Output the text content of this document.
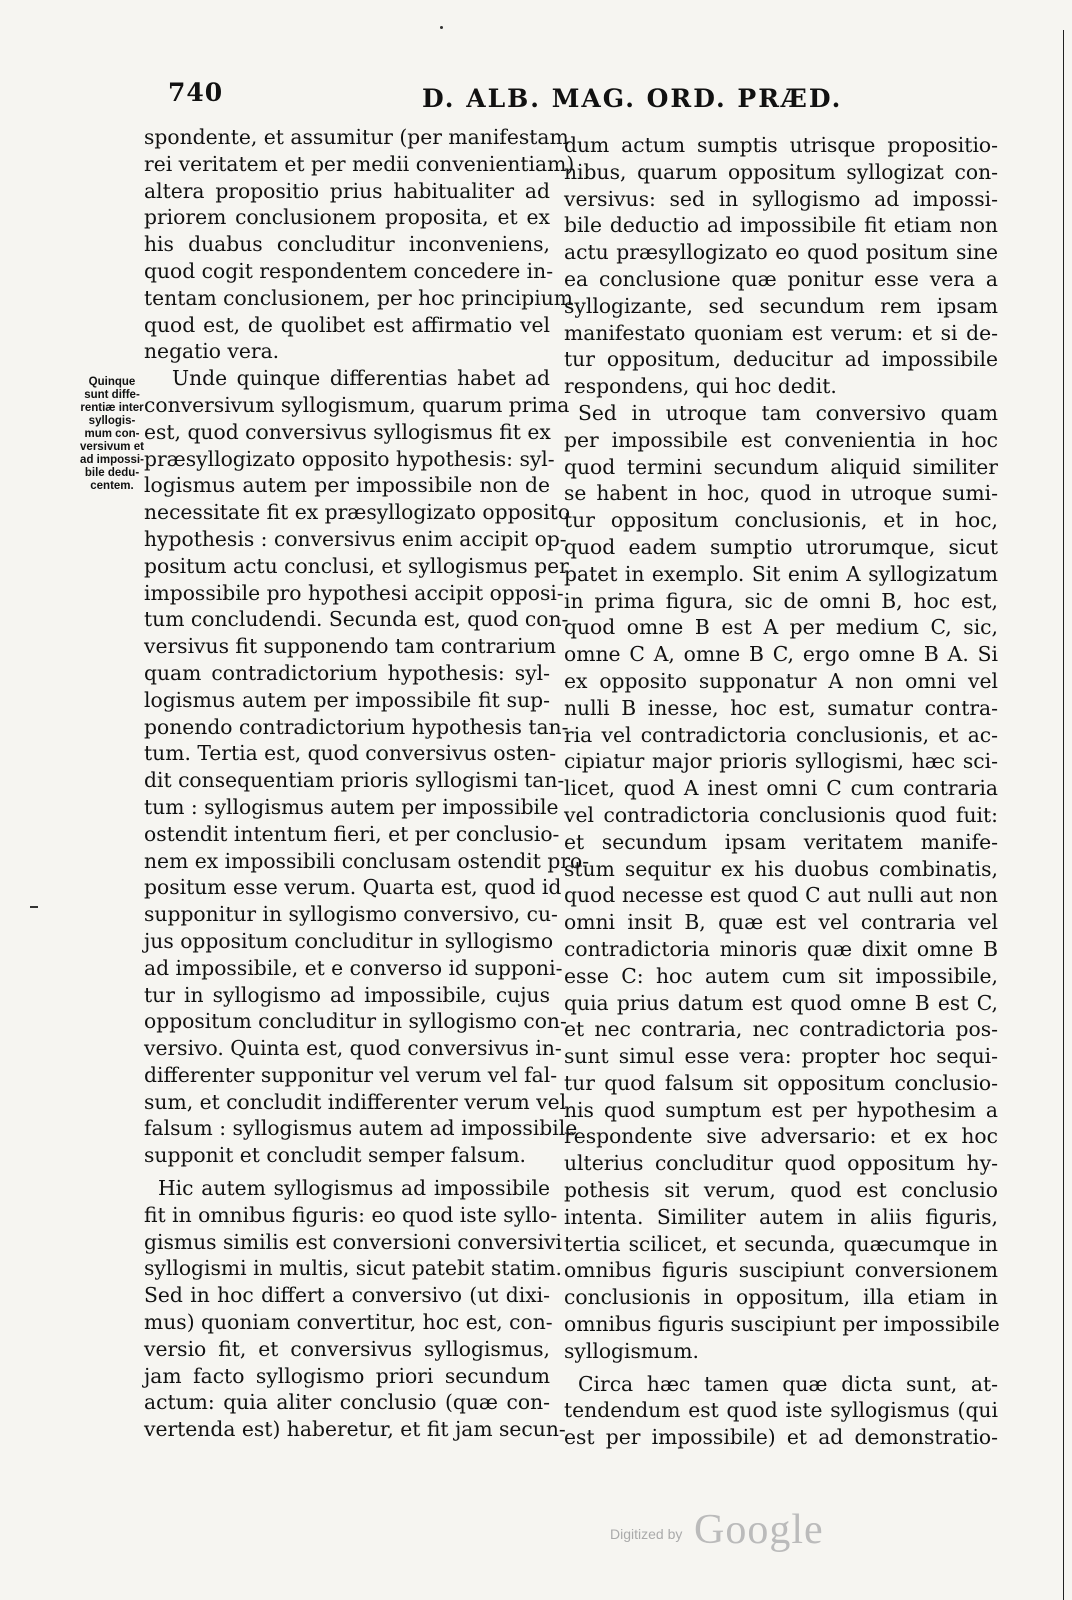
740	D. ALB. MAG. ORD. PRÆD.
Quinque
sunt diffe-
rentiæ inter
syllogis-
mum con-
versivum et
ad impossi-
bile dedu-
centem.
spondente, et assumitur (per manifestam
rei veritatem et per medii convenientiam)
altera propositio prius habitualiter ad
priorem conclusionem proposita, et ex
his duabus concluditur inconveniens,
quod cogit respondentem concedere in-
tentam conclusionem, per hoc principium
quod est, de quolibet est affirmatio vel
negatio vera.
Unde quinque differentias habet ad
conversivum syllogismum, quarum prima
est, quod conversivus syllogismus fit ex
præsyllogizato opposito hypothesis: syl-
logismus autem per impossibile non de
necessitate fit ex præsyllogizato opposito
hypothesis : conversivus enim accipit op-
positum actu conclusi, et syllogismus per
impossibile pro hypothesi accipit opposi-
tum concludendi. Secunda est, quod con-
versivus fit supponendo tam contrarium
quam contradictorium hypothesis: syl-
logismus autem per impossibile fit sup-
ponendo contradictorium hypothesis tan-
tum. Tertia est, quod conversivus osten-
dit consequentiam prioris syllogismi tan-
tum : syllogismus autem per impossibile
ostendit intentum fieri, et per conclusio-
nem ex impossibili conclusam ostendit pro-
positum esse verum. Quarta est, quod id
supponitur in syllogismo conversivo, cu-
jus oppositum concluditur in syllogismo
ad impossibile, et e converso id supponi-
tur in syllogismo ad impossibile, cujus
oppositum concluditur in syllogismo con-
versivo. Quinta est, quod conversivus in-
differenter supponitur vel verum vel fal-
sum, et concludit indifferenter verum vel
falsum : syllogismus autem ad impossibile
supponit et concludit semper falsum.
Hic autem syllogismus ad impossibile
fit in omnibus figuris: eo quod iste syllo-
gismus similis est conversioni conversivi
syllogismi in multis, sicut patebit statim.
Sed in hoc differt a conversivo (ut dixi-
mus) quoniam convertitur, hoc est, con-
versio fit, et conversivus syllogismus,
jam facto syllogismo priori secundum
actum: quia aliter conclusio (quæ con-
vertenda est) haberetur, et fit jam secun-
dum actum sumptis utrisque propositio-
nibus, quarum oppositum syllogizat con-
versivus: sed in syllogismo ad impossi-
bile deductio ad impossibile fit etiam non
actu præsyllogizato eo quod positum sine
ea conclusione quæ ponitur esse vera a
syllogizante, sed secundum rem ipsam
manifestato quoniam est verum: et si de-
tur oppositum, deducitur ad impossibile
respondens, qui hoc dedit.
Sed in utroque tam conversivo quam
per impossibile est convenientia in hoc
quod termini secundum aliquid similiter
se habent in hoc, quod in utroque sumi-
tur oppositum conclusionis, et in hoc,
quod eadem sumptio utrorumque, sicut
patet in exemplo. Sit enim A syllogizatum
in prima figura, sic de omni B, hoc est,
quod omne B est A per medium C, sic,
omne C A, omne B C, ergo omne B A. Si
ex opposito supponatur A non omni vel
nulli B inesse, hoc est, sumatur contra-
ria vel contradictoria conclusionis, et ac-
cipiatur major prioris syllogismi, hæc sci-
licet, quod A inest omni C cum contraria
vel contradictoria conclusionis quod fuit:
et secundum ipsam veritatem manife-
stum sequitur ex his duobus combinatis,
quod necesse est quod C aut nulli aut non
omni insit B, quæ est vel contraria vel
contradictoria minoris quæ dixit omne B
esse C: hoc autem cum sit impossibile,
quia prius datum est quod omne B est C,
et nec contraria, nec contradictoria pos-
sunt simul esse vera: propter hoc sequi-
tur quod falsum sit oppositum conclusio-
nis quod sumptum est per hypothesim a
respondente sive adversario: et ex hoc
ulterius concluditur quod oppositum hy-
pothesis sit verum, quod est conclusio
intenta. Similiter autem in aliis figuris,
tertia scilicet, et secunda, quæcumque in
omnibus figuris suscipiunt conversionem
conclusionis in oppositum, illa etiam in
omnibus figuris suscipiunt per impossibile
syllogismum.
Circa hæc tamen quæ dicta sunt, at-
tendendum est quod iste syllogismus (qui
est per impossibile) et ad demonstratio-
Digitized by Google
